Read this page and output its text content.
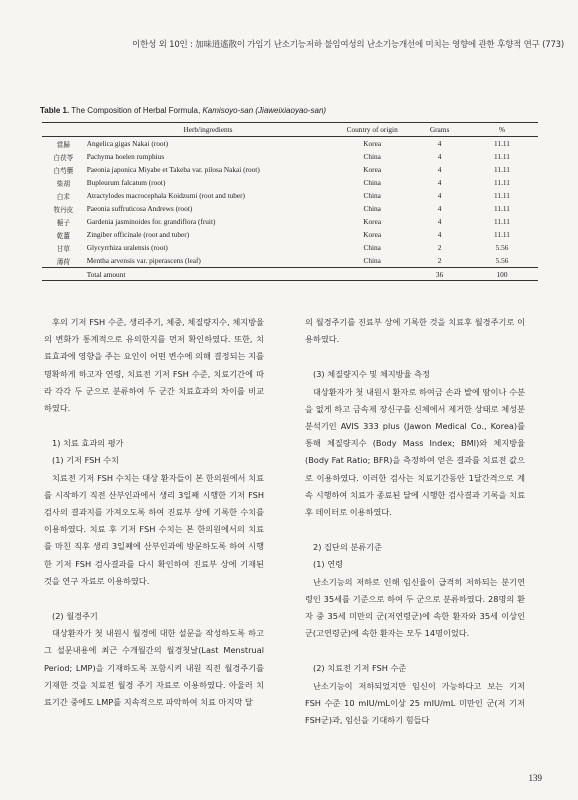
이한성 외 10인 : 加味逍遙散이 가임기 난소기능저하 불임여성의 난소기능개선에 미치는 영향에 관한 후향적 연구 (773)
Table 1. The Composition of Herbal Formula, Kamisoyo-san (Jiaweixiaoyao-san)
	Herb/ingredients	Country of origin	Grams	%
當歸	Angelica gigas Nakai (root)	Korea	4	11.11
白茯苓	Pachyma hoelen rumphius	China	4	11.11
白芍藥	Paeonia japonica Miyabe et Takeba var. pilosa Nakai (root)	Korea	4	11.11
柴胡	Bupleurum falcatum (root)	China	4	11.11
白朮	Atractylodes macrocephala Koidzumi (root and tuber)	China	4	11.11
牧丹皮	Paeonia suffruticosa Andrews (root)	China	4	11.11
梔子	Gardenia jasminoides for. grandiflora (fruit)	Korea	4	11.11
乾薑	Zingiber officinale (root and tuber)	Korea	4	11.11
甘草	Glycyrrhiza uralensis (root)	China	2	5.56
薄荷	Mentha arvensis var. piperascens (leaf)	China	2	5.56
	Total amount		36	100

후의 기저 FSH 수준, 생리주기, 체중, 체질량지수, 체지방율의 변화가 통계적으로 유의한지를 먼저 확인하였다. 또한, 치료효과에 영향을 주는 요인이 어떤 변수에 의해 결정되는 지를 명확하게 하고자 연령, 치료전 기저 FSH 수준, 치료기간에 따라 각각 두 군으로 분류하여 두 군간 치료효과의 차이를 비교하였다.

1) 치료 효과의 평가

(1) 기저 FSH 수치

치료전 기저 FSH 수치는 대상 환자들이 본 한의원에서 치료를 시작하기 직전 산부인과에서 생리 3일째 시행한 기저 FSH 검사의 결과지를 가져오도록 하여 진료부 상에 기록한 수치를 이용하였다. 치료 후 기저 FSH 수치는 본 한의원에서의 치료를 마친 직후 생리 3일째에 산부인과에 방문하도록 하여 시행한 기저 FSH 검사결과를 다시 확인하여 진료부 상에 기재된 것을 연구 자료로 이용하였다.

(2) 월경주기

대상환자가 첫 내원시 월경에 대한 설문을 작성하도록 하고 그 설문내용에 최근 수개월간의 월경첫날(Last Menstrual Period; LMP)을 기재하도록 포함시켜 내원 직전 월경주기를 기재한 것을 치료전 월경 주기 자료로 이용하였다. 아울러 치료기간 중에도 LMP를 지속적으로 파악하여 치료 마지막 달

의 월경주기를 진료부 상에 기록한 것을 치료후 월경주기로 이용하였다.

(3) 체질량지수 및 체지방율 측정

대상환자가 첫 내원시 환자로 하여금 손과 발에 땀이나 수분을 없게 하고 금속제 장신구를 신체에서 제거한 상태로 체성분 분석기인 AVIS 333 plus (Jawon Medical Co., Korea)를 통해 체질량지수 (Body Mass Index; BMI)와 체지방율(Body Fat Ratio; BFR)을 측정하여 얻은 결과를 치료전 값으로 이용하였다. 이러한 검사는 치료기간동안 1달간격으로 계속 시행하여 치료가 종료된 달에 시행한 검사결과 기록을 치료후 데이터로 이용하였다.

2) 집단의 분류기준

(1) 연령

난소기능의 저하로 인해 임신율이 급격히 저하되는 분기연령인 35세를 기준으로 하여 두 군으로 분류하였다. 28명의 환자 중 35세 미만의 군(저연령군)에 속한 환자와 35세 이상인 군(고연령군)에 속한 환자는 모두 14명이었다.

(2) 치료전 기저 FSH 수준

난소기능이 저하되었지만 임신이 가능하다고 보는 기저 FSH 수준 10 mIU/mL이상 25 mIU/mL 미만인 군(저 기저 FSH군)과, 임신을 기대하기 힘들다

139
